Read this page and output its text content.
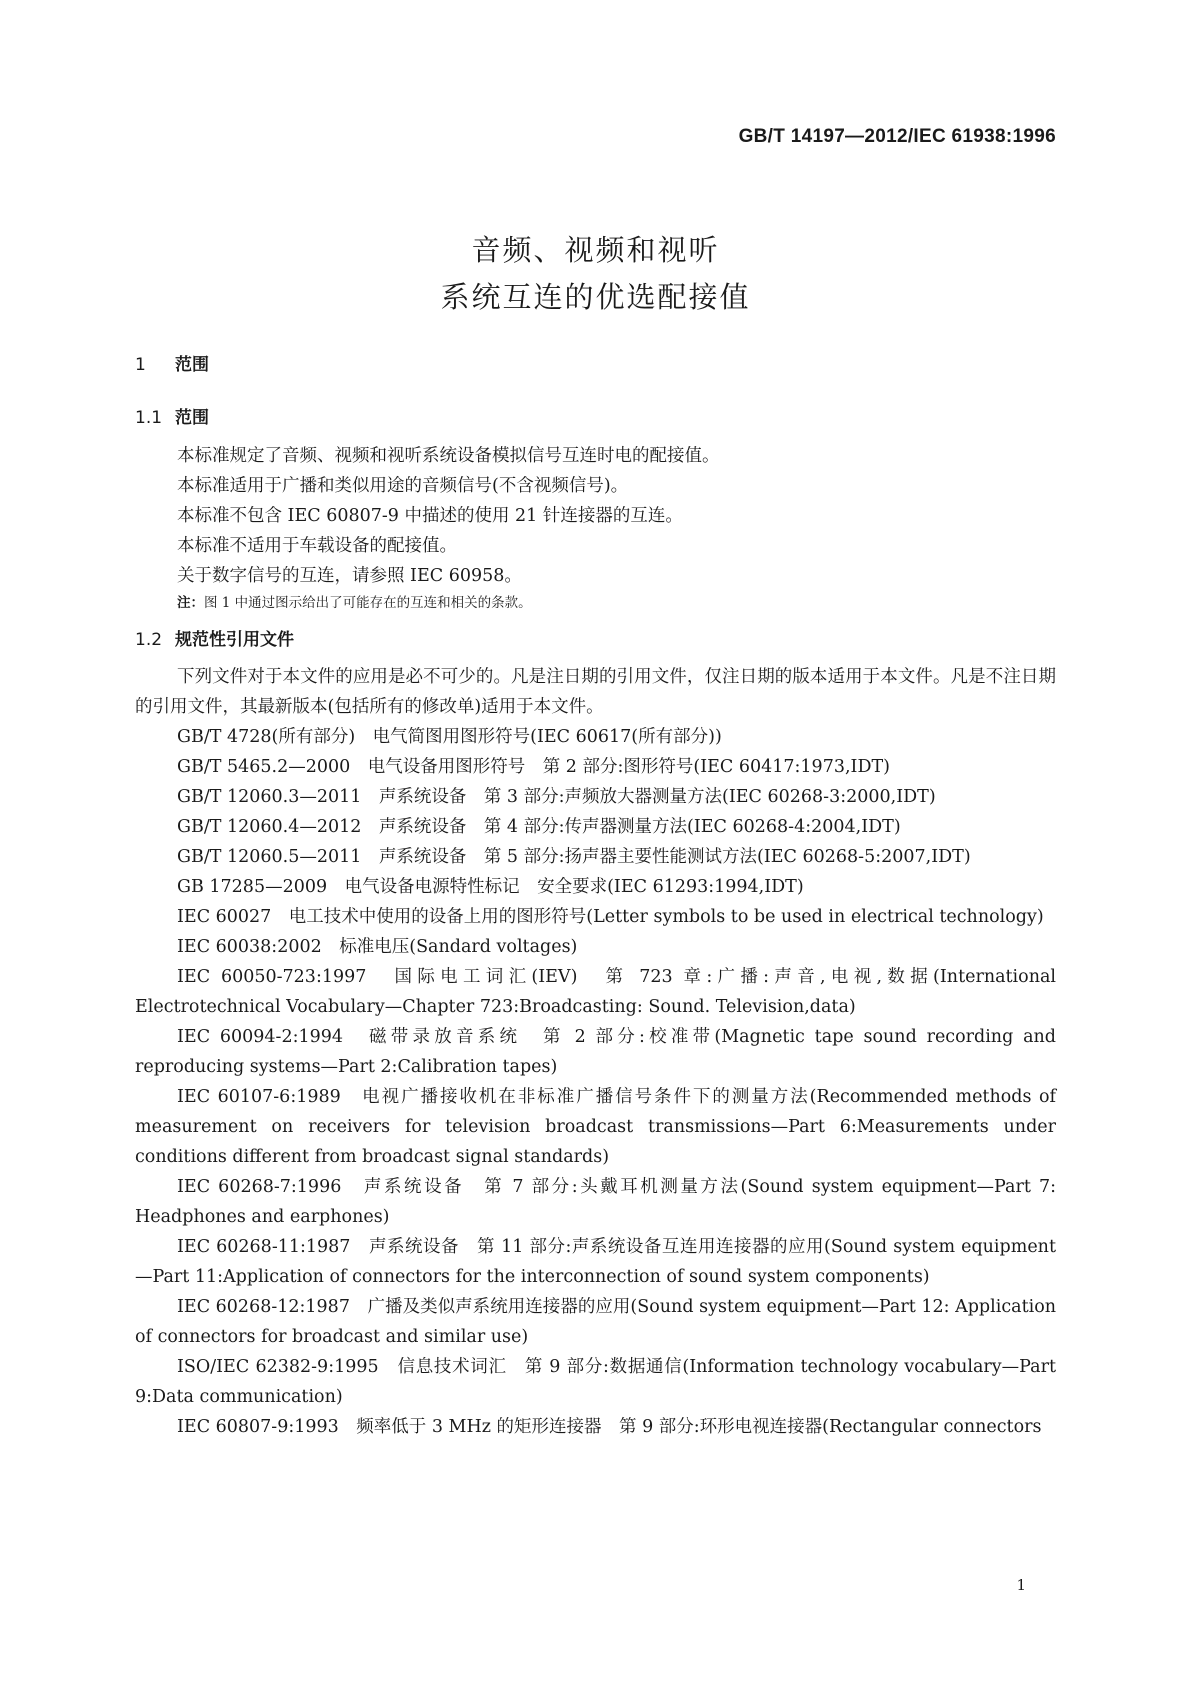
GB/T 14197—2012/IEC 61938:1996
音频、视频和视听
系统互连的优选配接值
1 范围
1.1 范围

本标准规定了音频、视频和视听系统设备模拟信号互连时电的配接值。

本标准适用于广播和类似用途的音频信号(不含视频信号)。

本标准不包含 IEC 60807-9 中描述的使用 21 针连接器的互连。

本标准不适用于车载设备的配接值。

关于数字信号的互连，请参照 IEC 60958。

注：图 1 中通过图示给出了可能存在的互连和相关的条款。

1.2 规范性引用文件

下列文件对于本文件的应用是必不可少的。凡是注日期的引用文件，仅注日期的版本适用于本文件。凡是不注日期的引用文件，其最新版本(包括所有的修改单)适用于本文件。

GB/T 4728(所有部分)　电气简图用图形符号(IEC 60617(所有部分))

GB/T 5465.2—2000　电气设备用图形符号　第 2 部分:图形符号(IEC 60417:1973,IDT)

GB/T 12060.3—2011　声系统设备　第 3 部分:声频放大器测量方法(IEC 60268-3:2000,IDT)

GB/T 12060.4—2012　声系统设备　第 4 部分:传声器测量方法(IEC 60268-4:2004,IDT)

GB/T 12060.5—2011　声系统设备　第 5 部分:扬声器主要性能测试方法(IEC 60268-5:2007,IDT)

GB 17285—2009　电气设备电源特性标记　安全要求(IEC 61293:1994,IDT)

IEC 60027　电工技术中使用的设备上用的图形符号(Letter symbols to be used in electrical technology)

IEC 60038:2002　标准电压(Sandard voltages)

IEC 60050-723:1997　国际电工词汇(IEV)　第 723 章:广播:声音,电视,数据(International Electrotechnical Vocabulary—Chapter 723:Broadcasting: Sound. Television,data)

IEC 60094-2:1994　磁带录放音系统　第 2 部分:校准带(Magnetic tape sound recording and reproducing systems—Part 2:Calibration tapes)

IEC 60107-6:1989　电视广播接收机在非标准广播信号条件下的测量方法(Recommended methods of measurement on receivers for television broadcast transmissions—Part 6:Measurements under conditions different from broadcast signal standards)

IEC 60268-7:1996　声系统设备　第 7 部分:头戴耳机测量方法(Sound system equipment—Part 7: Headphones and earphones)

IEC 60268-11:1987　声系统设备　第 11 部分:声系统设备互连用连接器的应用(Sound system equipment—Part 11:Application of connectors for the interconnection of sound system components)

IEC 60268-12:1987　广播及类似声系统用连接器的应用(Sound system equipment—Part 12: Application of connectors for broadcast and similar use)

ISO/IEC 62382-9:1995　信息技术词汇　第 9 部分:数据通信(Information technology vocabulary—Part 9:Data communication)

IEC 60807-9:1993　频率低于 3 MHz 的矩形连接器　第 9 部分:环形电视连接器(Rectangular connectors

1
